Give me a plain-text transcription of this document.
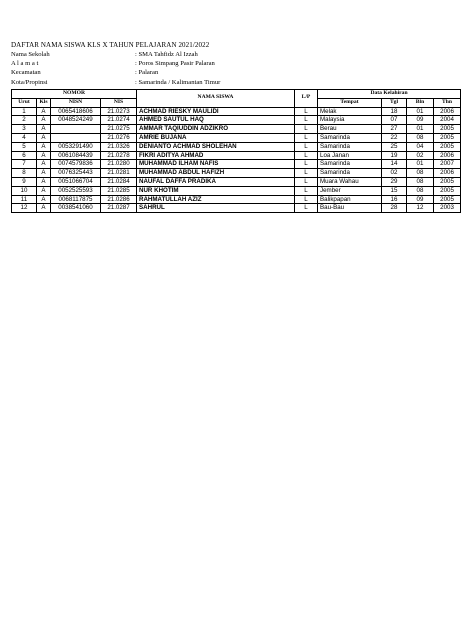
DAFTAR NAMA SISWA KLS X TAHUN PELAJARAN 2021/2022
Nama Sekolah	: SMA Tahfidz Al Izzah
A l a m a t	: Poros Simpang Pasir Palaran
Kecamatan	: Palaran
Kota/Propinsi	: Samarinda / Kalimantan Timur
NOMOR				NAMA SISWA	L/P	Data Kelahiran			
Urut	Kls	NISN	NIS			Tempat	Tgl	Bln	Thn
1	A	0065418606	21.0273	ACHMAD RIESKY MAULIDI	L	Melak	18	01	2006
2	A	0048524249	21.0274	AHMED SAUTUL HAQ	L	Malaysia	07	09	2004
3	A		21.0275	AMMAR TAQIUDDIN ADZIKRO	L	Berau	27	01	2005
4	A		21.0276	AMRIE BUJANA	L	Samarinda	22	08	2005
5	A	0053291490	21.0326	DENIANTO ACHMAD SHOLEHAN	L	Samarinda	25	04	2005
6	A	0061084439	21.0278	FIKRI ADITYA AHMAD	L	Loa Janan	19	02	2006
7	A	0074579836	21.0280	MUHAMMAD ILHAM NAFIS	L	Samarinda	14	01	2007
8	A	0076325443	21.0281	MUHAMMAD ABDUL HAFIZH	L	Samarinda	02	08	2006
9	A	0051066704	21.0284	NAUFAL DAFFA PRADIKA	L	Muara Wahau	29	08	2005
10	A	0052525593	21.0285	NUR KHOTIM	L	Jember	15	08	2005
11	A	0068117875	21.0286	RAHMATULLAH AZIZ	L	Balikpapan	16	09	2005
12	A	0038541060	21.0287	SAHRUL	L	Bau-Bau	28	12	2003
